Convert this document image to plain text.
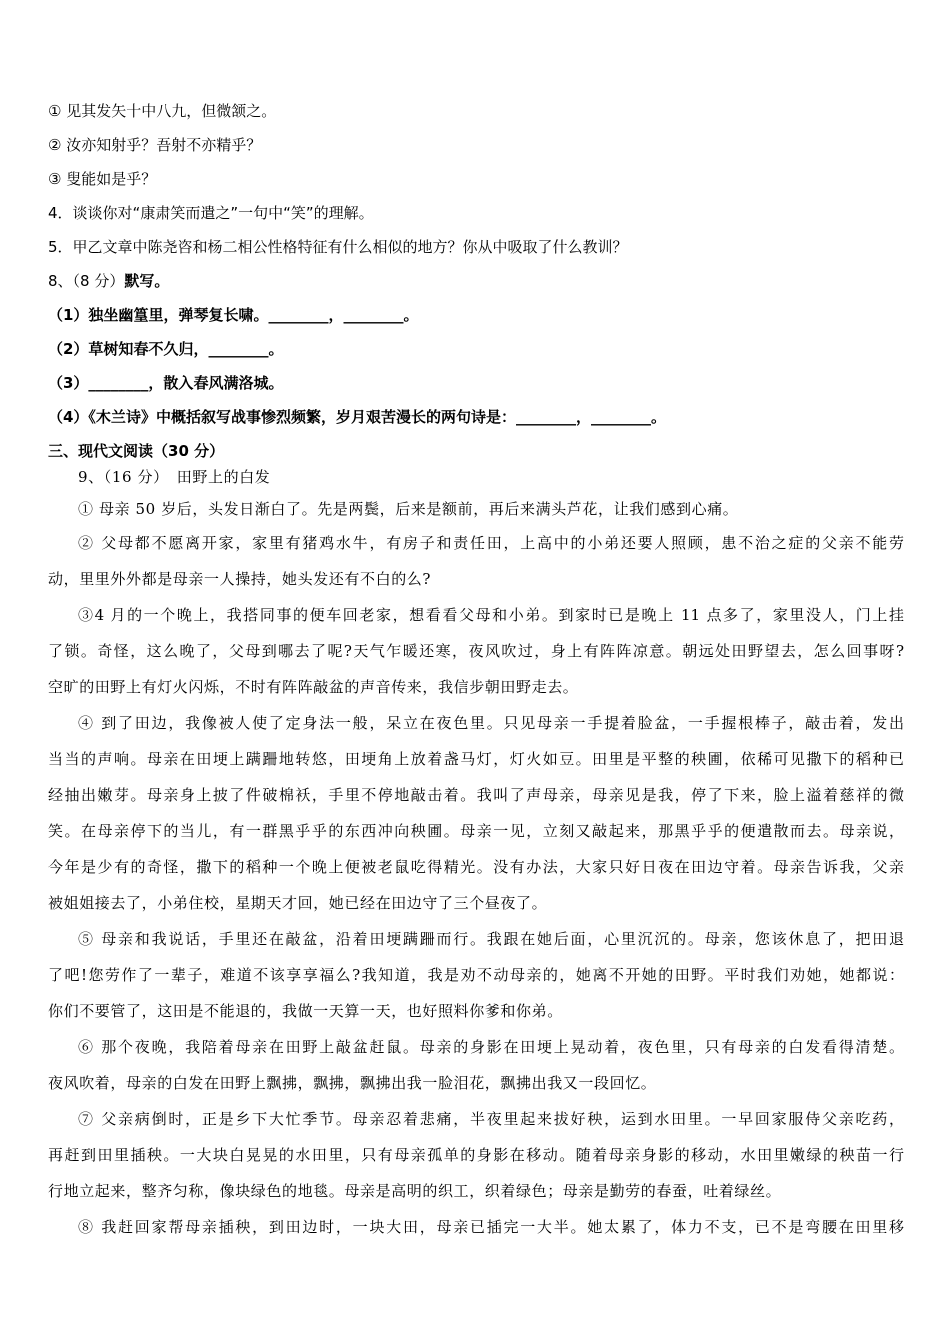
① 见其发矢十中八九，但微颔之。
② 汝亦知射乎？吾射不亦精乎？
③ 叟能如是乎？
4．谈谈你对“康肃笑而遣之”一句中“笑”的理解。
5．甲乙文章中陈尧咨和杨二相公性格特征有什么相似的地方？你从中吸取了什么教训？
8、（8 分）默写。
（1）独坐幽篁里，弹琴复长啸。________，________。
（2）草树知春不久归，________。
（3）________，散入春风满洛城。
（4）《木兰诗》中概括叙写战事惨烈频繁，岁月艰苦漫长的两句诗是：________，________。
三、现代文阅读（30 分）
9、（16 分）　田野上的白发
① 母亲 50 岁后，头发日渐白了。先是两鬓，后来是额前，再后来满头芦花，让我们感到心痛。
② 父母都不愿离开家，家里有猪鸡水牛，有房子和责任田，上高中的小弟还要人照顾，患不治之症的父亲不能劳
动，里里外外都是母亲一人操持，她头发还有不白的么?
③4 月的一个晚上，我搭同事的便车回老家，想看看父母和小弟。到家时已是晚上 11 点多了，家里没人，门上挂
了锁。奇怪，这么晚了，父母到哪去了呢?天气乍暖还寒，夜风吹过，身上有阵阵凉意。朝远处田野望去，怎么回事呀?
空旷的田野上有灯火闪烁，不时有阵阵敲盆的声音传来，我信步朝田野走去。
④ 到了田边，我像被人使了定身法一般，呆立在夜色里。只见母亲一手提着脸盆，一手握根棒子，敲击着，发出
当当的声响。母亲在田埂上蹒跚地转悠，田埂角上放着盏马灯，灯火如豆。田里是平整的秧圃，依稀可见撒下的稻种已
经抽出嫩芽。母亲身上披了件破棉袄，手里不停地敲击着。我叫了声母亲，母亲见是我，停了下来，脸上溢着慈祥的微
笑。在母亲停下的当儿，有一群黑乎乎的东西冲向秧圃。母亲一见，立刻又敲起来，那黑乎乎的便遣散而去。母亲说，
今年是少有的奇怪，撒下的稻种一个晚上便被老鼠吃得精光。没有办法，大家只好日夜在田边守着。母亲告诉我，父亲
被姐姐接去了，小弟住校，星期天才回，她已经在田边守了三个昼夜了。
⑤ 母亲和我说话，手里还在敲盆，沿着田埂蹒跚而行。我跟在她后面，心里沉沉的。母亲，您该休息了，把田退
了吧!您劳作了一辈子，难道不该享享福么?我知道，我是劝不动母亲的，她离不开她的田野。平时我们劝她，她都说：
你们不要管了，这田是不能退的，我做一天算一天，也好照料你爹和你弟。
⑥ 那个夜晚，我陪着母亲在田野上敲盆赶鼠。母亲的身影在田埂上晃动着，夜色里，只有母亲的白发看得清楚。
夜风吹着，母亲的白发在田野上飘拂，飘拂，飘拂出我一脸泪花，飘拂出我又一段回忆。
⑦ 父亲病倒时，正是乡下大忙季节。母亲忍着悲痛，半夜里起来拔好秧，运到水田里。一早回家服侍父亲吃药，
再赶到田里插秧。一大块白晃晃的水田里，只有母亲孤单的身影在移动。随着母亲身影的移动，水田里嫩绿的秧苗一行
行地立起来，整齐匀称，像块绿色的地毯。母亲是高明的织工，织着绿色；母亲是勤劳的春蚕，吐着绿丝。
⑧ 我赶回家帮母亲插秧，到田边时，一块大田，母亲已插完一大半。她太累了，体力不支，已不是弯腰在田里移
